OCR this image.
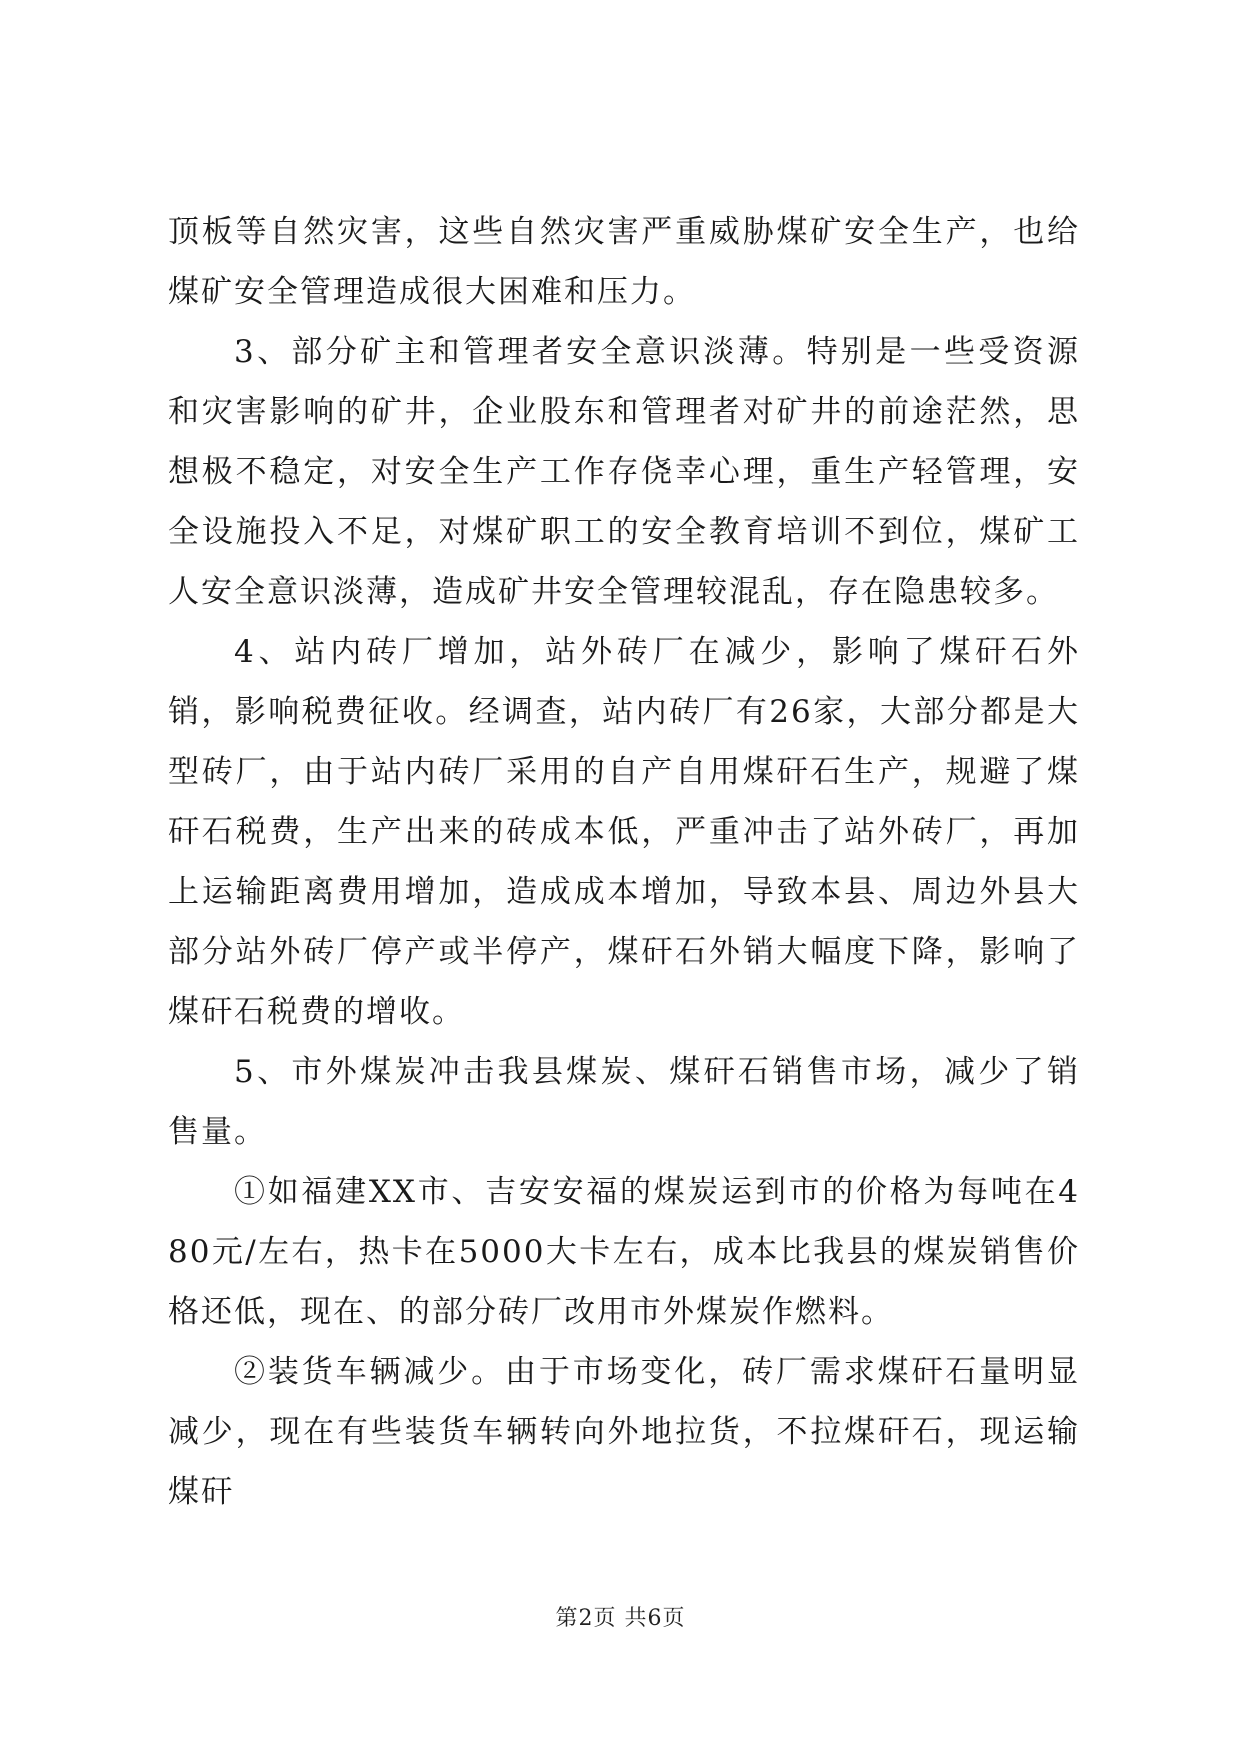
顶板等自然灾害，这些自然灾害严重威胁煤矿安全生产，也给煤矿安全管理造成很大困难和压力。

3、部分矿主和管理者安全意识淡薄。特别是一些受资源和灾害影响的矿井，企业股东和管理者对矿井的前途茫然，思想极不稳定，对安全生产工作存侥幸心理，重生产轻管理，安全设施投入不足，对煤矿职工的安全教育培训不到位，煤矿工人安全意识淡薄，造成矿井安全管理较混乱，存在隐患较多。

4、站内砖厂增加，站外砖厂在减少，影响了煤矸石外销，影响税费征收。经调查，站内砖厂有26家，大部分都是大型砖厂，由于站内砖厂采用的自产自用煤矸石生产，规避了煤矸石税费，生产出来的砖成本低，严重冲击了站外砖厂，再加上运输距离费用增加，造成成本增加，导致本县、周边外县大部分站外砖厂停产或半停产，煤矸石外销大幅度下降，影响了煤矸石税费的增收。

5、市外煤炭冲击我县煤炭、煤矸石销售市场，减少了销售量。

①如福建XX市、吉安安福的煤炭运到市的价格为每吨在480元/左右，热卡在5000大卡左右，成本比我县的煤炭销售价格还低，现在、的部分砖厂改用市外煤炭作燃料。

②装货车辆减少。由于市场变化，砖厂需求煤矸石量明显减少，现在有些装货车辆转向外地拉货，不拉煤矸石，现运输煤矸

第2页 共6页
